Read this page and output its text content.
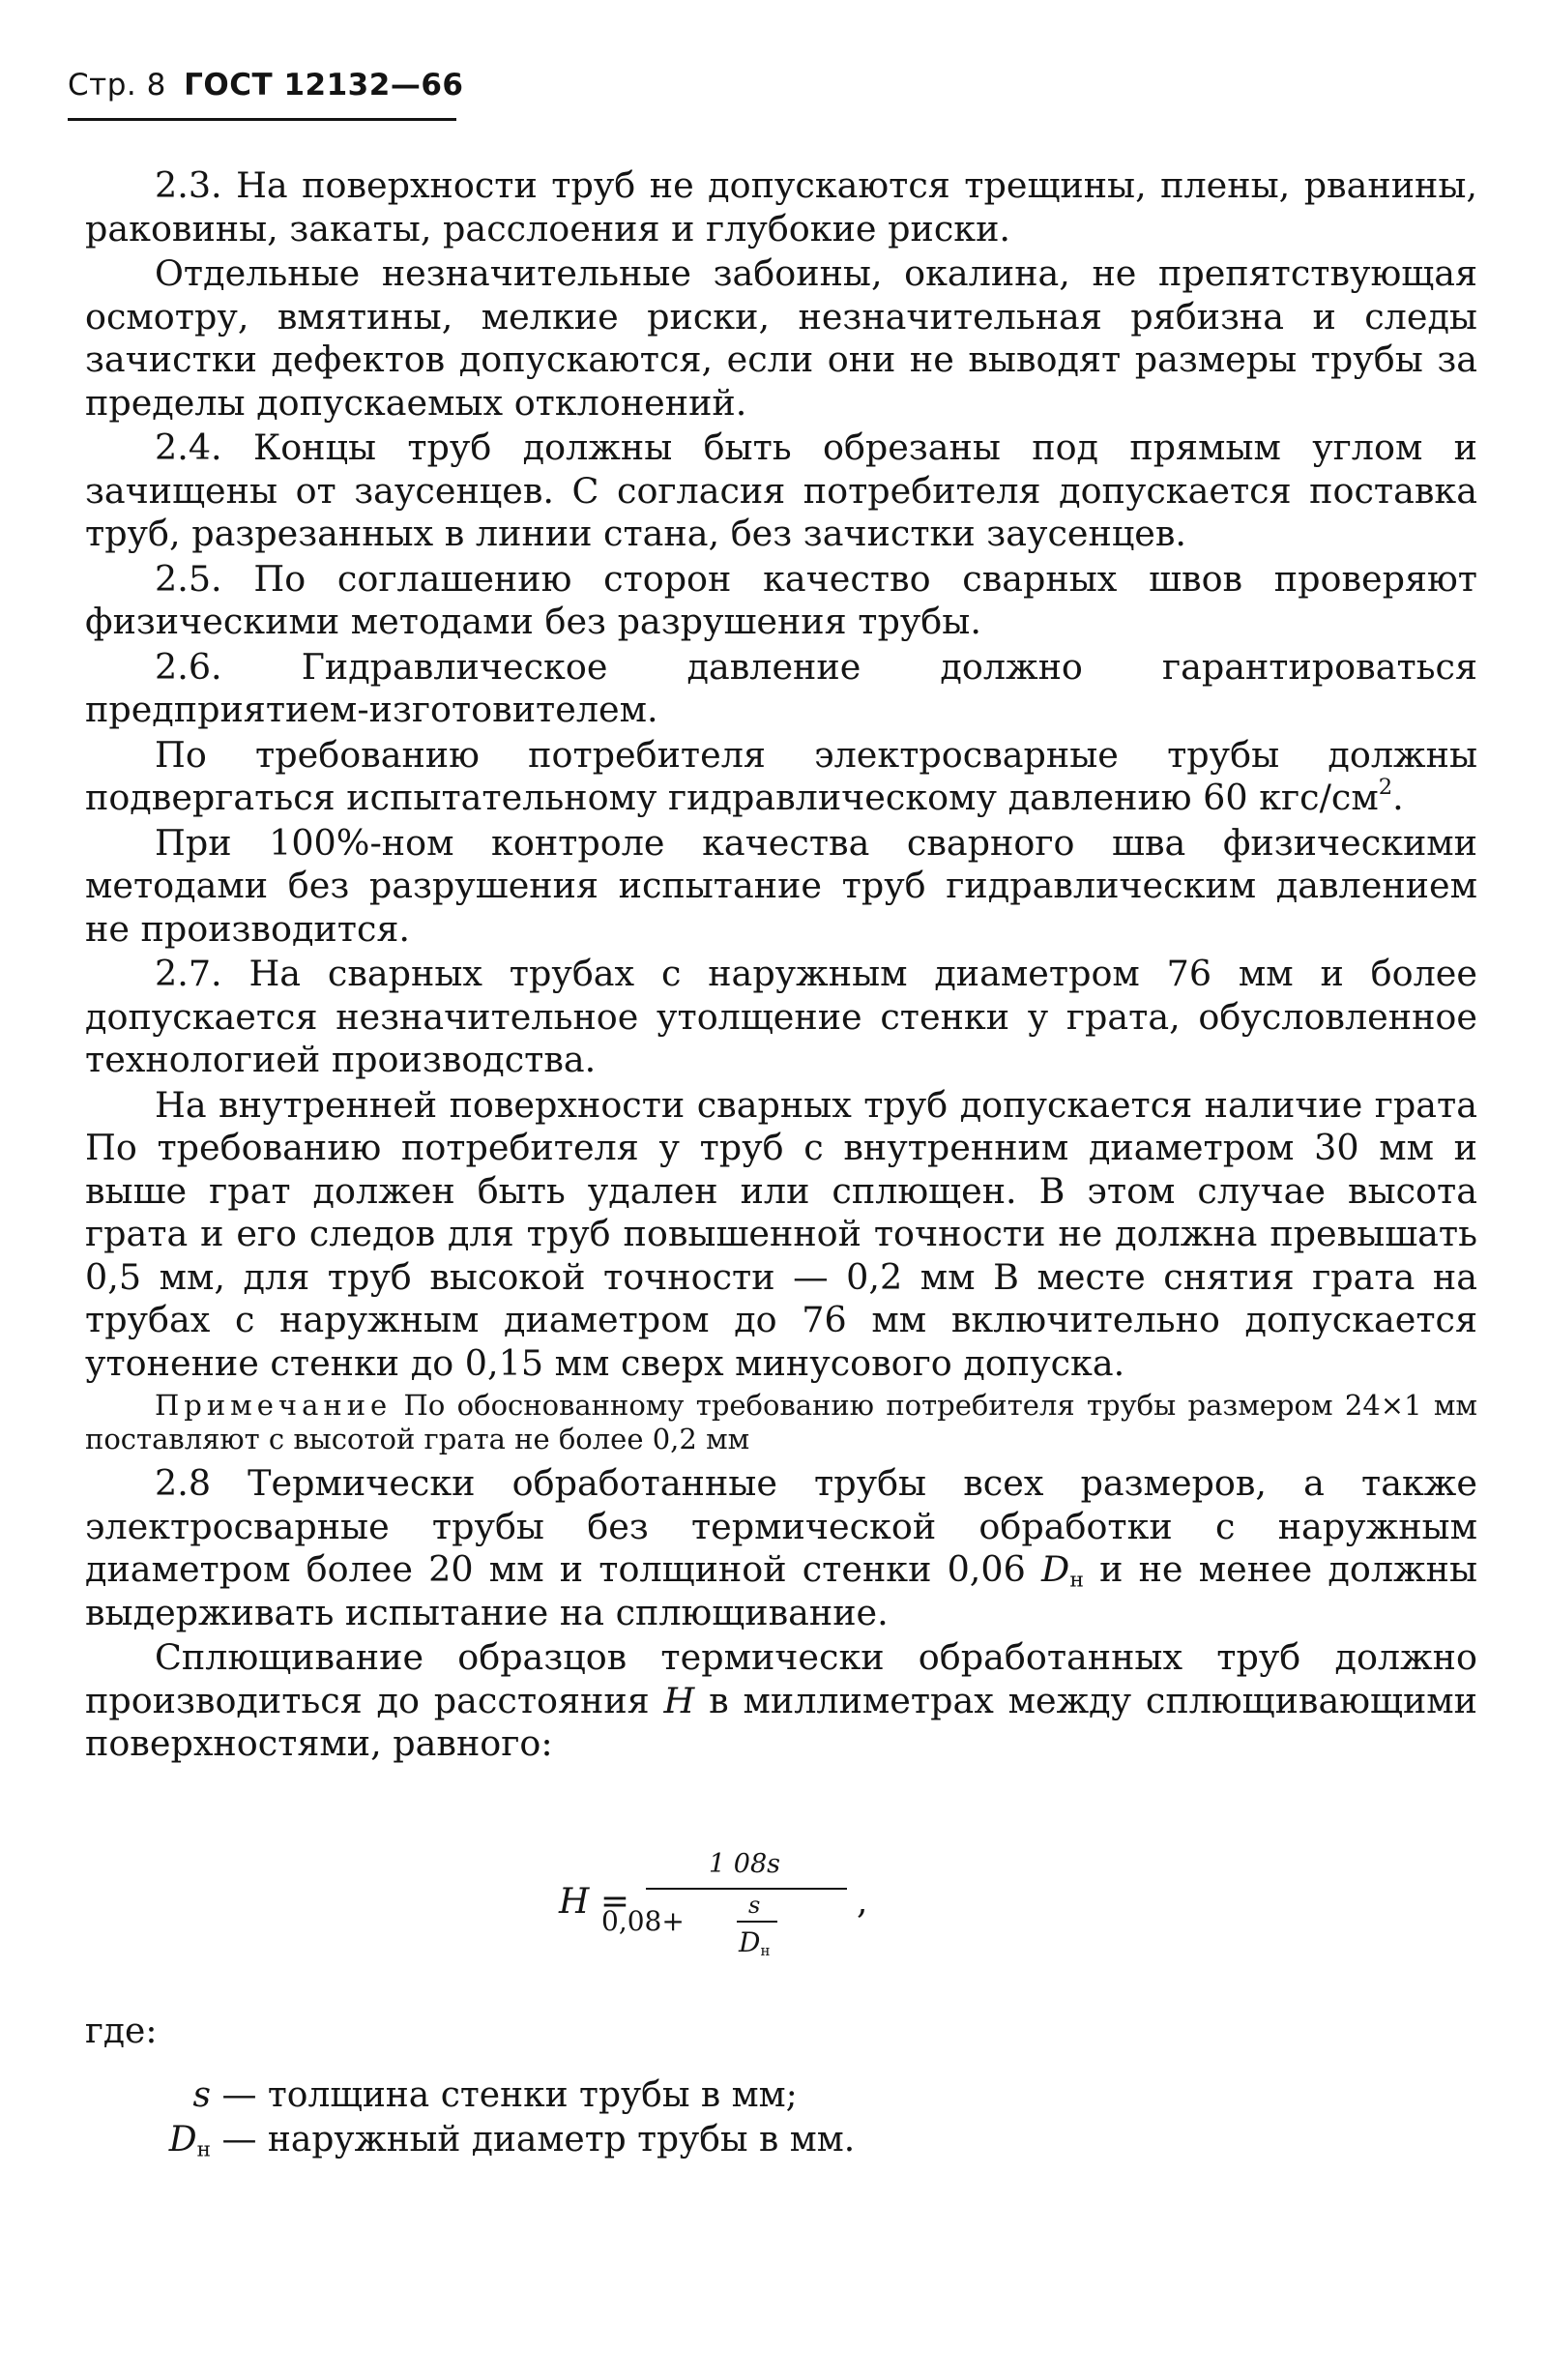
Стр. 8 ГОСТ 12132—66

2.3. На поверхности труб не допускаются трещины, плены, рванины, раковины, закаты, расслоения и глубокие риски.

Отдельные незначительные забоины, окалина, не препятствующая осмотру, вмятины, мелкие риски, незначительная рябизна и следы зачистки дефектов допускаются, если они не выводят размеры трубы за пределы допускаемых отклонений.

2.4. Концы труб должны быть обрезаны под прямым углом и зачищены от заусенцев. С согласия потребителя допускается поставка труб, разрезанных в линии стана, без зачистки заусенцев.

2.5. По соглашению сторон качество сварных швов проверяют физическими методами без разрушения трубы.

2.6. Гидравлическое давление должно гарантироваться предприятием-изготовителем.

По требованию потребителя электросварные трубы должны подвергаться испытательному гидравлическому давлению 60 кгс/$см^2$.

При 100%-ном контроле качества сварного шва физическими методами без разрушения испытание труб гидравлическим давлением не производится.

2.7. На сварных трубах с наружным диаметром 76 мм и более допускается незначительное утолщение стенки у грата, обусловленное технологией производства.

На внутренней поверхности сварных труб допускается наличие грата По требованию потребителя у труб с внутренним диаметром 30 мм и выше грат должен быть удален или сплющен. В этом случае высота грата и его следов для труб повышенной точности не должна превышать 0,5 мм, для труб высокой точности — 0,2 мм В месте снятия грата на трубах с наружным диаметром до 76 мм включительно допускается утонение стенки до 0,15 мм сверх минусового допуска.

Примечание По обоснованному требованию потребителя трубы размером 24×1 мм поставляют с высотой грата не более 0,2 мм

2.8 Термически обработанные трубы всех размеров, а также электросварные трубы без термической обработки с наружным диаметром более 20 мм и толщиной стенки 0,06 $D_н$ и не менее должны выдерживать испытание на сплющивание.

Сплющивание образцов термически обработанных труб должно производиться до расстояния H в миллиметрах между сплющивающими поверхностями, равного:

H =
1 08s
,
0,08+	s
$D_н$
где:
s — толщина стенки трубы в мм;
$D_н$ — наружный диаметр трубы в мм.
